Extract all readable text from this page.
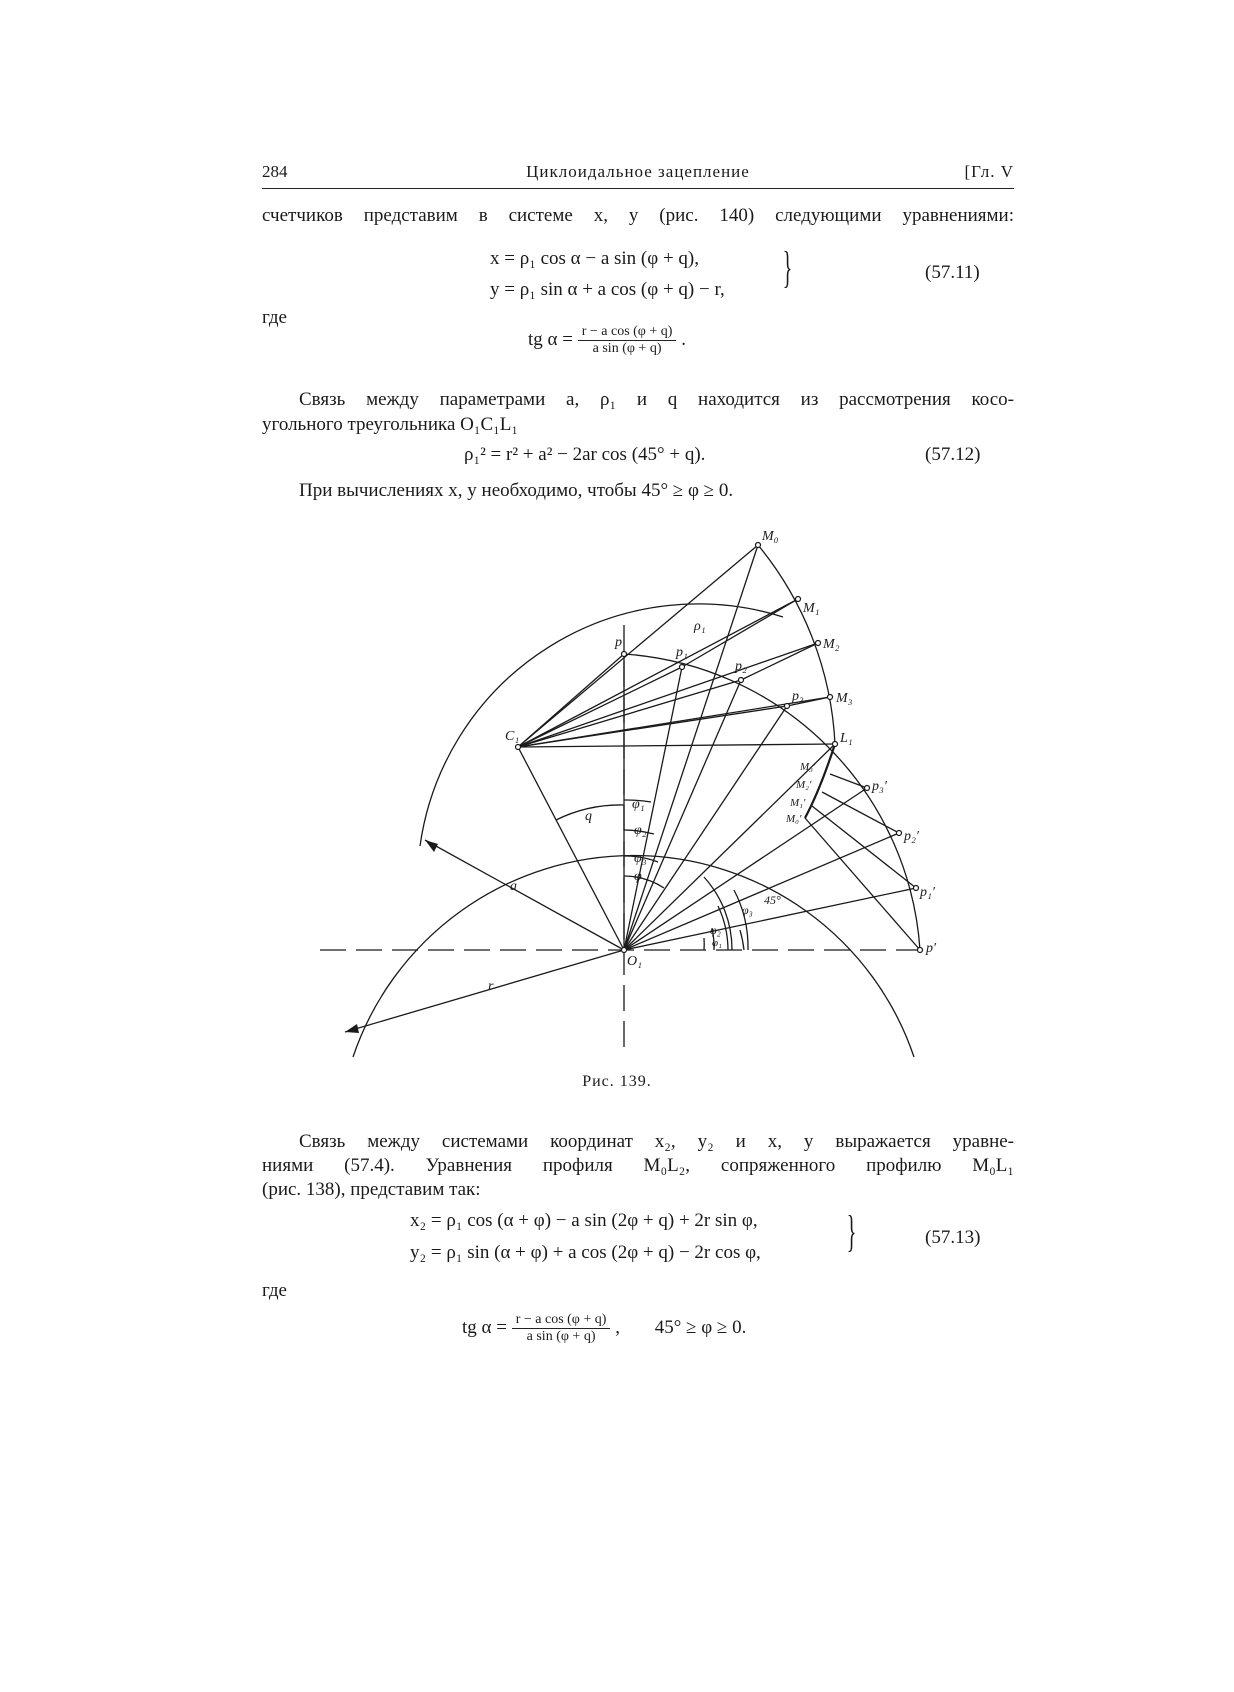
284	Циклоидальное зацепление	[Гл. V
счетчиков представим в системе x, y (рис. 140) следующими уравнениями:
x = ρ₁ cos α − a sin (φ + q),
y = ρ₁ sin α + a cos (φ + q) − r, }	(57.11)
где
tg $\alpha = \frac{\text{r − a cos (φ + q)}}{\text{a sin (φ + q)}}$ .
Связь между параметрами a, ρ₁ и q находится из рассмотрения косо-
угольного треугольника O₁C₁L₁
ρ₁² = r² + a² − 2ar cos (45° + q).	(57.12)
При вычислениях x, y необходимо, чтобы 45° ≥ φ ≥ 0.
M₀
M₁
M₂
M₃
p
p₁
p₂
p₃
ρ₁
C₁	L₁
M₃′
M₂′
M₁′
M₀′
p₃′
p₂′
p₁′
p′
q
φ₁
φ₂
φ₃
φ
a
r
O₁
45°
φ₃
φ₂
φ₁
Рис. 139.
Связь между системами координат x₂, y₂ и x, y выражается уравне-
ниями (57.4). Уравнения профиля M₀L₂, сопряженного профилю M₀L₁
(рис. 138), представим так:
x₂ = ρ₁ cos (α + φ) − a sin (2φ + q) + 2r sin φ,
y₂ = ρ₁ sin (α + φ) + a cos (2φ + q) − 2r cos φ, }	(57.13)
где
tg $\alpha = \frac{\text{r − a cos (φ + q)}}{\text{a sin (φ + q)}}$ , 45° ≥ φ ≥ 0.
